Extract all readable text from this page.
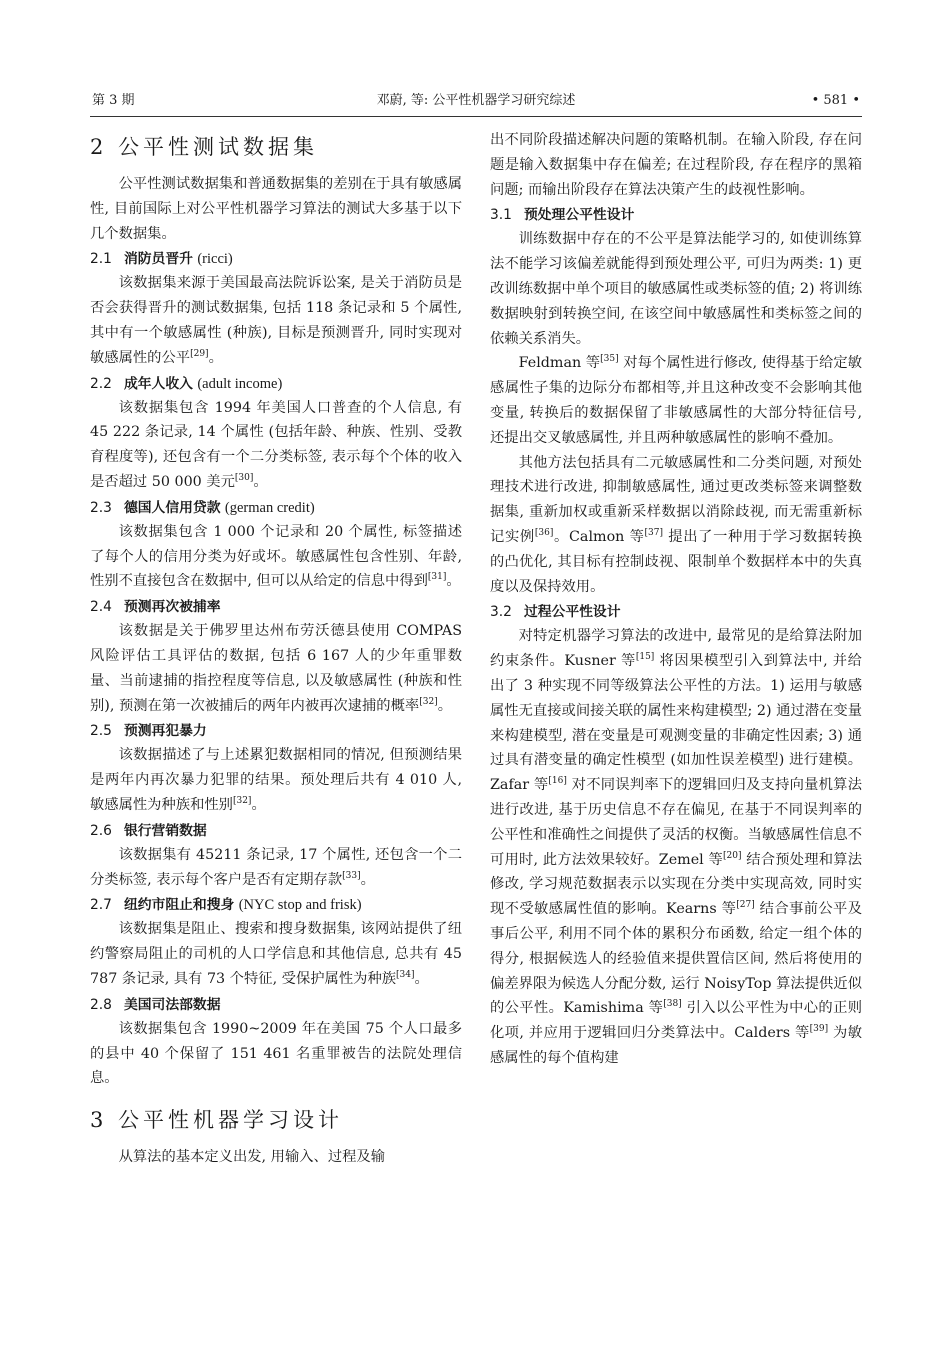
第 3 期	邓蔚, 等: 公平性机器学习研究综述	• 581 •
2 公平性测试数据集

公平性测试数据集和普通数据集的差别在于具有敏感属性, 目前国际上对公平性机器学习算法的测试大多基于以下几个数据集。

2.1 消防员晋升 (ricci)

该数据集来源于美国最高法院诉讼案, 是关于消防员是否会获得晋升的测试数据集, 包括 118 条记录和 5 个属性, 其中有一个敏感属性 (种族), 目标是预测晋升, 同时实现对敏感属性的公平[29]。

2.2 成年人收入 (adult income)

该数据集包含 1994 年美国人口普查的个人信息, 有 45 222 条记录, 14 个属性 (包括年龄、种族、性别、受教育程度等), 还包含有一个二分类标签, 表示每个个体的收入是否超过 50 000 美元[30]。

2.3 德国人信用贷款 (german credit)

该数据集包含 1 000 个记录和 20 个属性, 标签描述了每个人的信用分类为好或坏。敏感属性包含性别、年龄, 性别不直接包含在数据中, 但可以从给定的信息中得到[31]。

2.4 预测再次被捕率

该数据是关于佛罗里达州布劳沃德县使用 COMPAS 风险评估工具评估的数据, 包括 6 167 人的少年重罪数量、当前逮捕的指控程度等信息, 以及敏感属性 (种族和性别), 预测在第一次被捕后的两年内被再次逮捕的概率[32]。

2.5 预测再犯暴力

该数据描述了与上述累犯数据相同的情况, 但预测结果是两年内再次暴力犯罪的结果。预处理后共有 4 010 人, 敏感属性为种族和性别[32]。

2.6 银行营销数据

该数据集有 45211 条记录, 17 个属性, 还包含一个二分类标签, 表示每个客户是否有定期存款[33]。

2.7 纽约市阻止和搜身 (NYC stop and frisk)

该数据集是阻止、搜索和搜身数据集, 该网站提供了纽约警察局阻止的司机的人口学信息和其他信息, 总共有 45 787 条记录, 具有 73 个特征, 受保护属性为种族[34]。

2.8 美国司法部数据

该数据集包含 1990~2009 年在美国 75 个人口最多的县中 40 个保留了 151 461 名重罪被告的法院处理信息。

3 公平性机器学习设计

从算法的基本定义出发, 用输入、过程及输

出不同阶段描述解决问题的策略机制。在输入阶段, 存在问题是输入数据集中存在偏差; 在过程阶段, 存在程序的黑箱问题; 而输出阶段存在算法决策产生的歧视性影响。

3.1 预处理公平性设计

训练数据中存在的不公平是算法能学习的, 如使训练算法不能学习该偏差就能得到预处理公平, 可归为两类: 1) 更改训练数据中单个项目的敏感属性或类标签的值; 2) 将训练数据映射到转换空间, 在该空间中敏感属性和类标签之间的依赖关系消失。

Feldman 等[35] 对每个属性进行修改, 使得基于给定敏感属性子集的边际分布都相等,并且这种改变不会影响其他变量, 转换后的数据保留了非敏感属性的大部分特征信号, 还提出交叉敏感属性, 并且两种敏感属性的影响不叠加。

其他方法包括具有二元敏感属性和二分类问题, 对预处理技术进行改进, 抑制敏感属性, 通过更改类标签来调整数据集, 重新加权或重新采样数据以消除歧视, 而无需重新标记实例[36]。Calmon 等[37] 提出了一种用于学习数据转换的凸优化, 其目标有控制歧视、限制单个数据样本中的失真度以及保持效用。

3.2 过程公平性设计

对特定机器学习算法的改进中, 最常见的是给算法附加约束条件。Kusner 等[15] 将因果模型引入到算法中, 并给出了 3 种实现不同等级算法公平性的方法。1) 运用与敏感属性无直接或间接关联的属性来构建模型; 2) 通过潜在变量来构建模型, 潜在变量是可观测变量的非确定性因素; 3) 通过具有潜变量的确定性模型 (如加性误差模型) 进行建模。Zafar 等[16] 对不同误判率下的逻辑回归及支持向量机算法进行改进, 基于历史信息不存在偏见, 在基于不同误判率的公平性和准确性之间提供了灵活的权衡。当敏感属性信息不可用时, 此方法效果较好。Zemel 等[20] 结合预处理和算法修改, 学习规范数据表示以实现在分类中实现高效, 同时实现不受敏感属性值的影响。Kearns 等[27] 结合事前公平及事后公平, 利用不同个体的累积分布函数, 给定一组个体的得分, 根据候选人的经验值来提供置信区间, 然后将使用的偏差界限为候选人分配分数, 运行 NoisyTop 算法提供近似的公平性。Kamishima 等[38] 引入以公平性为中心的正则化项, 并应用于逻辑回归分类算法中。Calders 等[39] 为敏感属性的每个值构建
